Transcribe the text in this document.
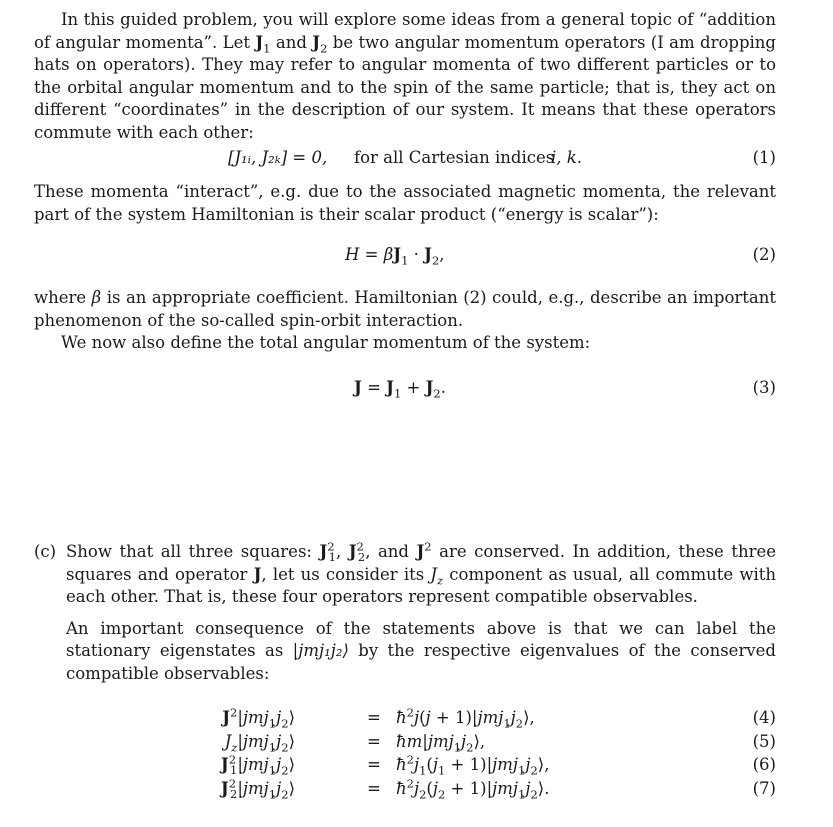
In this guided problem, you will explore some ideas from a general topic of “addition of angular momenta”. Let $J_1$ and $J_2$ be two angular momentum operators (I am dropping hats on operators). They may refer to angular momenta of two different particles or to the orbital angular momentum and to the spin of the same particle; that is, they act on different “coordinates” in the description of our system. It means that these operators commute with each other:

[J₁ᵢ, J₂ₖ] = 0, for all Cartesian indices
i, k.	(1)

These momenta “interact”, e.g. due to the associated magnetic momenta, the relevant part of the system Hamiltonian is their scalar product (“energy is scalar”):

$H = \beta J_1 \cdot J_2$,	(2)

where β is an appropriate coefficient. Hamiltonian (2) could, e.g., describe an important phenomenon of the so-called spin-orbit interaction.

We now also define the total angular momentum of the system:

$J = J_1 + J_2$.	(3)
(c) Show that all three squares: $J^2_1$, $J^2_2$, and $J^2$ are conserved. In addition, these three squares and operator J, let us consider its $J_z$ component as usual, all commute with each other. That is, these four operators represent compatible observables.
An important consequence of the statements above is that we can label the stationary eigenstates as |jmj₁j₂⟩ by the respective eigenvalues of the conserved compatible observables:
$J^2|jmj_1j_2⟩$	= $ħ^2j(j$ + $1)|jmj_1j_2⟩$,	(4)
$J_z|jmj_1j_2⟩$	= $ħm|jmj_1j_2⟩$,	(5)
$J^2_1|jmj_1j_2⟩$	= $ħ^2j_1(j_1$ + $1)|jmj_1j_2⟩$,	(6)
$J^2_2|jmj_1j_2⟩$	= $ħ^2j_2(j_2$ + $1)|jmj_1j_2⟩$.	(7)
